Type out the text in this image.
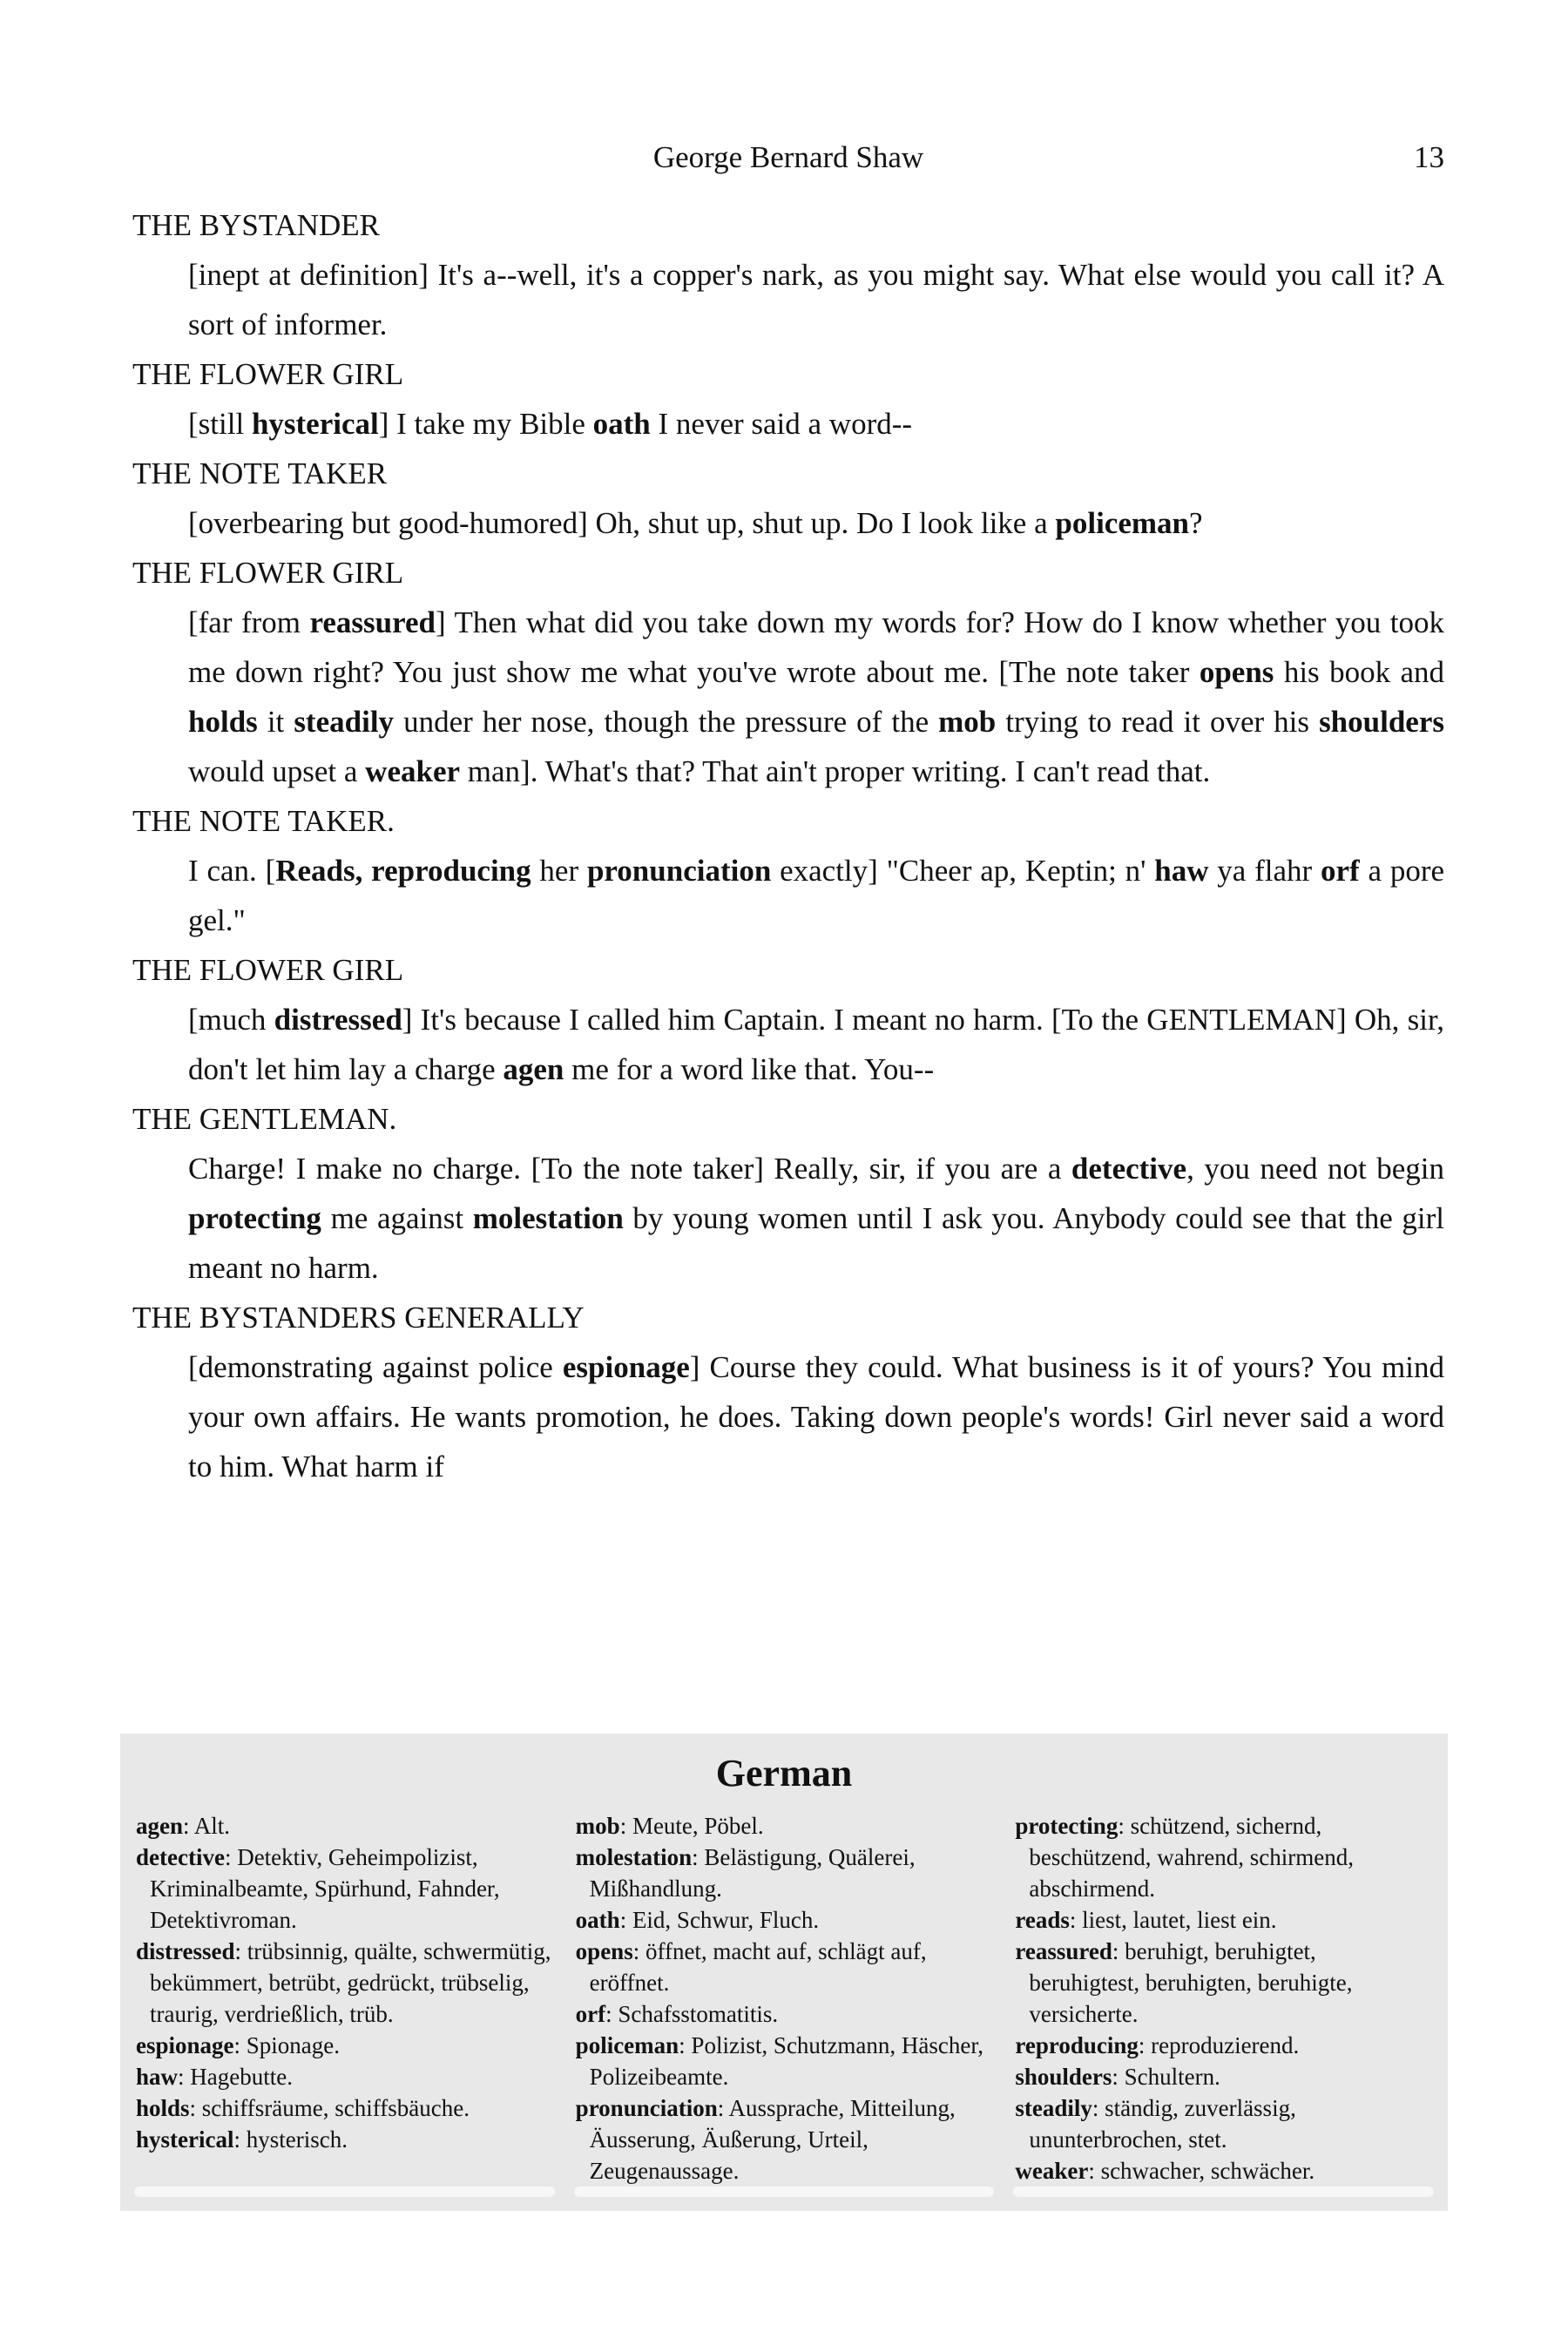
George Bernard Shaw	13
THE BYSTANDER
[inept at definition] It's a--well, it's a copper's nark, as you might say. What else would you call it? A sort of informer.
THE FLOWER GIRL
[still hysterical] I take my Bible oath I never said a word--
THE NOTE TAKER
[overbearing but good-humored] Oh, shut up, shut up. Do I look like a policeman?
THE FLOWER GIRL
[far from reassured] Then what did you take down my words for? How do I know whether you took me down right? You just show me what you've wrote about me. [The note taker opens his book and holds it steadily under her nose, though the pressure of the mob trying to read it over his shoulders would upset a weaker man]. What's that? That ain't proper writing. I can't read that.
THE NOTE TAKER.
I can. [Reads, reproducing her pronunciation exactly] "Cheer ap, Keptin; n' haw ya flahr orf a pore gel."
THE FLOWER GIRL
[much distressed] It's because I called him Captain. I meant no harm. [To the GENTLEMAN] Oh, sir, don't let him lay a charge agen me for a word like that. You--
THE GENTLEMAN.
Charge! I make no charge. [To the note taker] Really, sir, if you are a detective, you need not begin protecting me against molestation by young women until I ask you. Anybody could see that the girl meant no harm.
THE BYSTANDERS GENERALLY
[demonstrating against police espionage] Course they could. What business is it of yours? You mind your own affairs. He wants promotion, he does. Taking down people's words! Girl never said a word to him. What harm if
German
agen: Alt.
detective: Detektiv, Geheimpolizist, Kriminalbeamte, Spürhund, Fahnder, Detektivroman.
distressed: trübsinnig, quälte, schwermütig, bekümmert, betrübt, gedrückt, trübselig, traurig, verdrießlich, trüb.
espionage: Spionage.
haw: Hagebutte.
holds: schiffsräume, schiffsbäuche.
hysterical: hysterisch.
mob: Meute, Pöbel.
molestation: Belästigung, Quälerei, Mißhandlung.
oath: Eid, Schwur, Fluch.
opens: öffnet, macht auf, schlägt auf, eröffnet.
orf: Schafsstomatitis.
policeman: Polizist, Schutzmann, Häscher, Polizeibeamte.
pronunciation: Aussprache, Mitteilung, Äusserung, Äußerung, Urteil, Zeugenaussage.
protecting: schützend, sichernd, beschützend, wahrend, schirmend, abschirmend.
reads: liest, lautet, liest ein.
reassured: beruhigt, beruhigtet, beruhigtest, beruhigten, beruhigte, versicherte.
reproducing: reproduzierend.
shoulders: Schultern.
steadily: ständig, zuverlässig, ununterbrochen, stet.
weaker: schwacher, schwächer.
